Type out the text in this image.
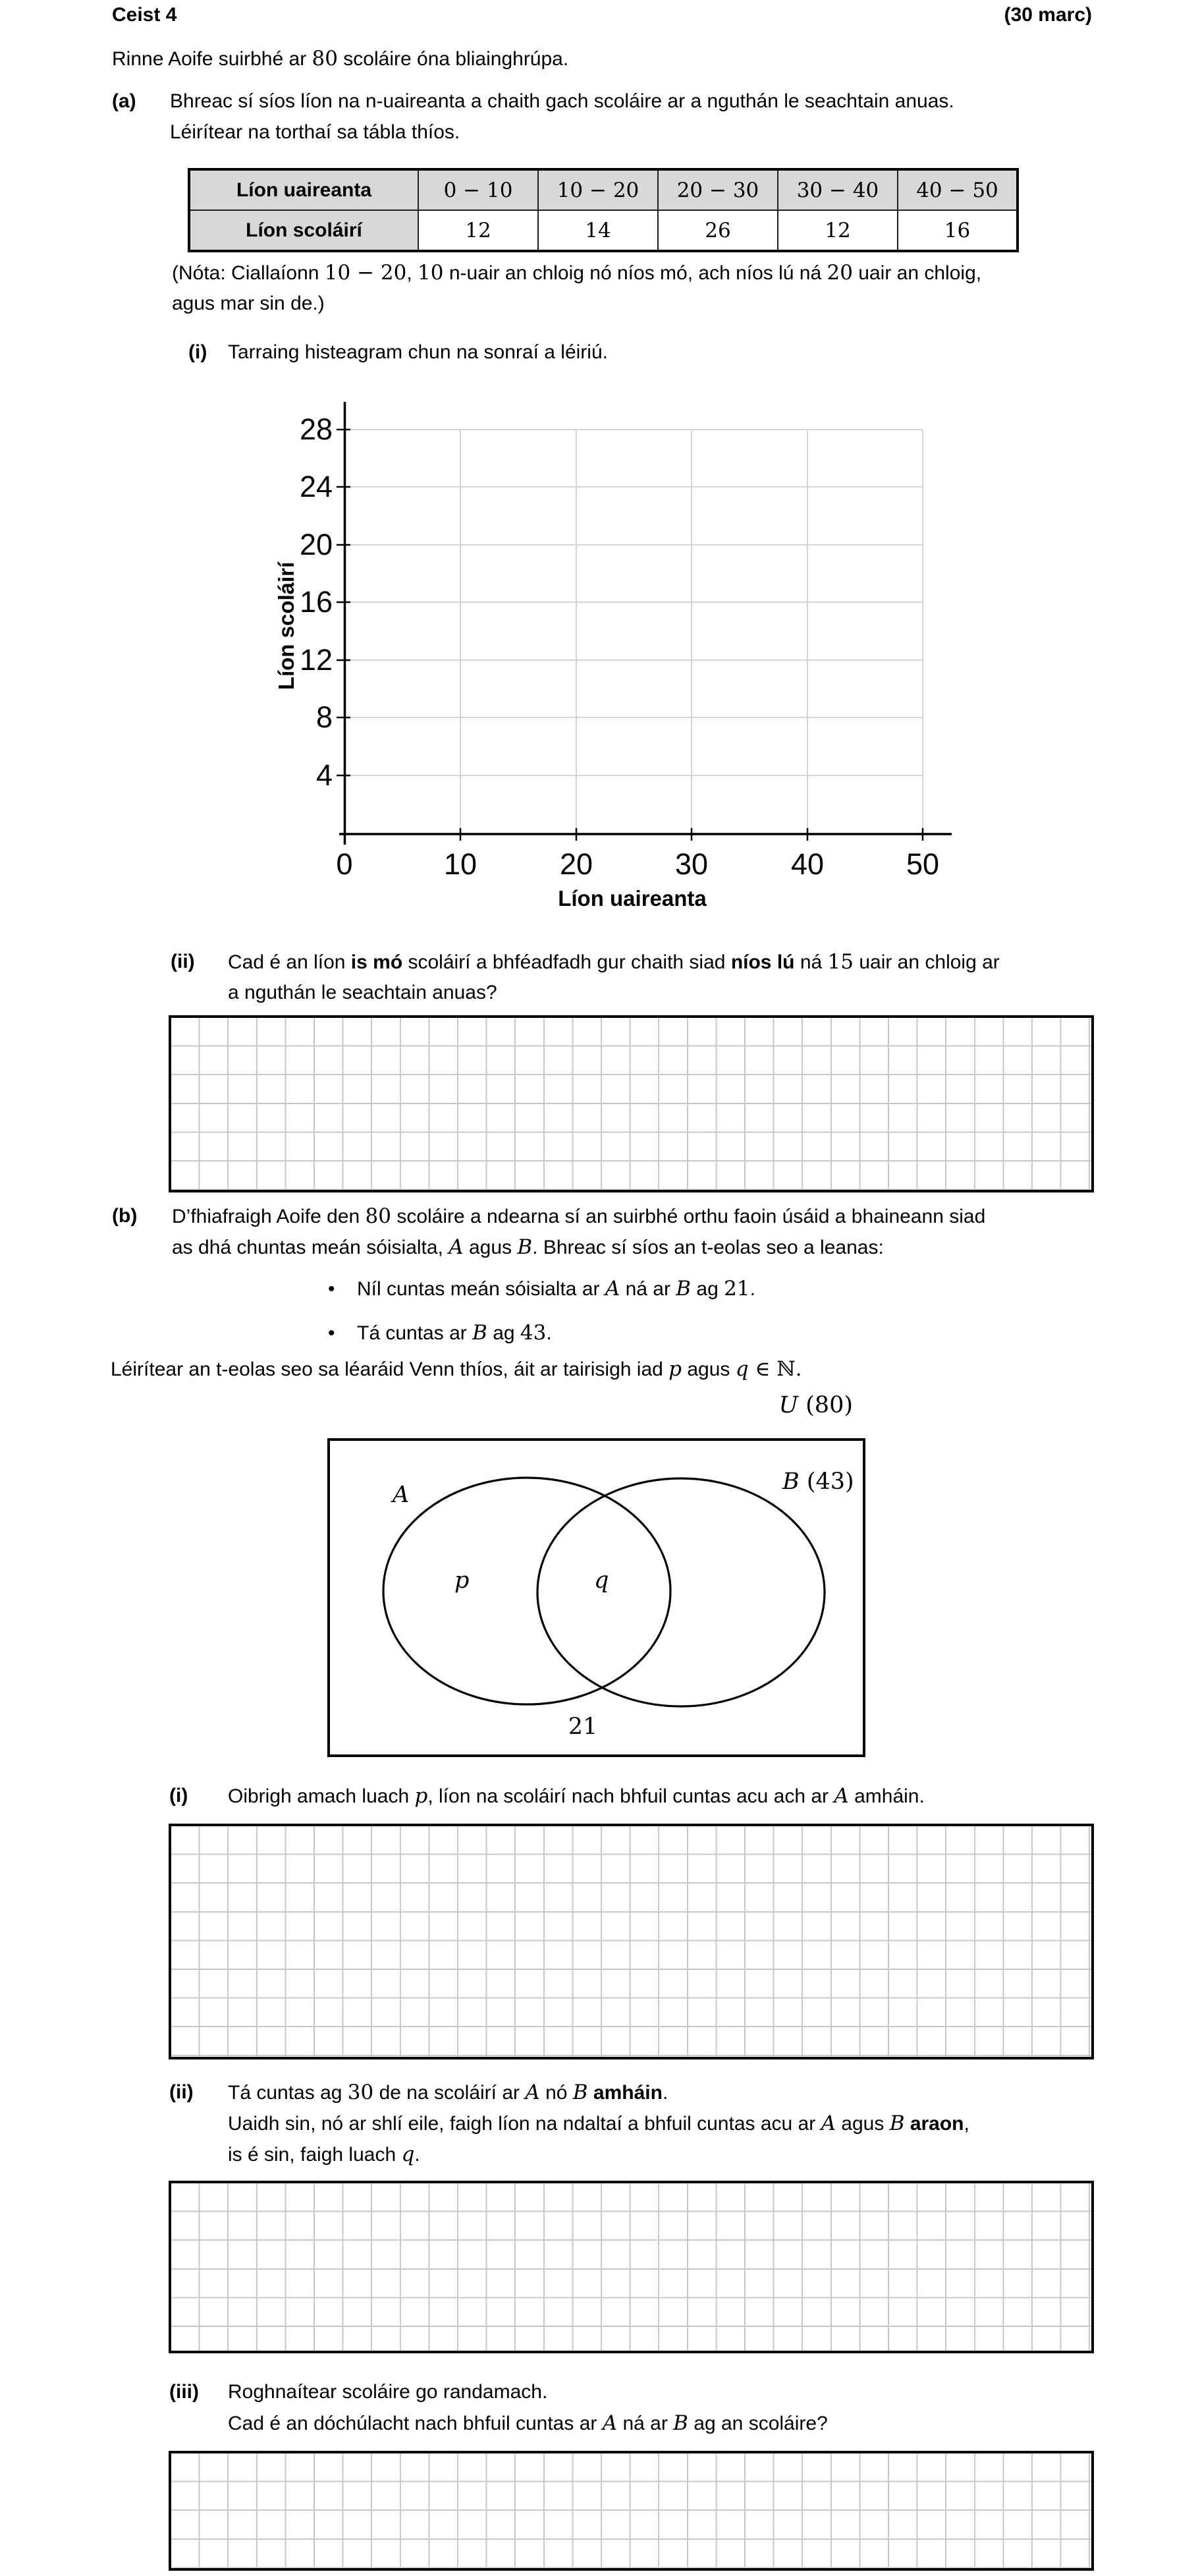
Ceist 4	(30 marc)
Rinne Aoife suirbhé ar 80 scoláire óna bliainghrúpa.
(a) Bhreac sí síos líon na n-uaireanta a chaith gach scoláire ar a nguthán le seachtain anuas.
Léirítear na torthaí sa tábla thíos.
Líon uaireanta	0 − 10	10 − 20	20 − 30	30 − 40	40 − 50
Líon scoláirí	12	14	26	12	16
(Nóta: Ciallaíonn 10 − 20, 10 n-uair an chloig nó níos mó, ach níos lú ná 20 uair an chloig,
agus mar sin de.)
(i) Tarraing histeagram chun na sonraí a léiriú.
4
8
12
16
20
24
28
0	10	20	30	40	50
Líon scoláirí
Líon uaireanta
(ii) Cad é an líon is mó scoláirí a bhféadfadh gur chaith siad níos lú ná 15 uair an chloig ar
a nguthán le seachtain anuas?
(b) D’fhiafraigh Aoife den 80 scoláire a ndearna sí an suirbhé orthu faoin úsáid a bhaineann siad
as dhá chuntas meán sóisialta, A agus B. Bhreac sí síos an t-eolas seo a leanas:
• Níl cuntas meán sóisialta ar A ná ar B ag 21.
• Tá cuntas ar B ag 43.
Léirítear an t-eolas seo sa léaráid Venn thíos, áit ar tairisigh iad p agus q ∈ ℕ.
U (80)
A	B (43)
p	q
21
(i) Oibrigh amach luach p, líon na scoláirí nach bhfuil cuntas acu ach ar A amháin.
(ii) Tá cuntas ag 30 de na scoláirí ar A nó B amháin.
Uaidh sin, nó ar shlí eile, faigh líon na ndaltaí a bhfuil cuntas acu ar A agus B araon,
is é sin, faigh luach q.
(iii) Roghnaítear scoláire go randamach.
Cad é an dóchúlacht nach bhfuil cuntas ar A ná ar B ag an scoláire?
